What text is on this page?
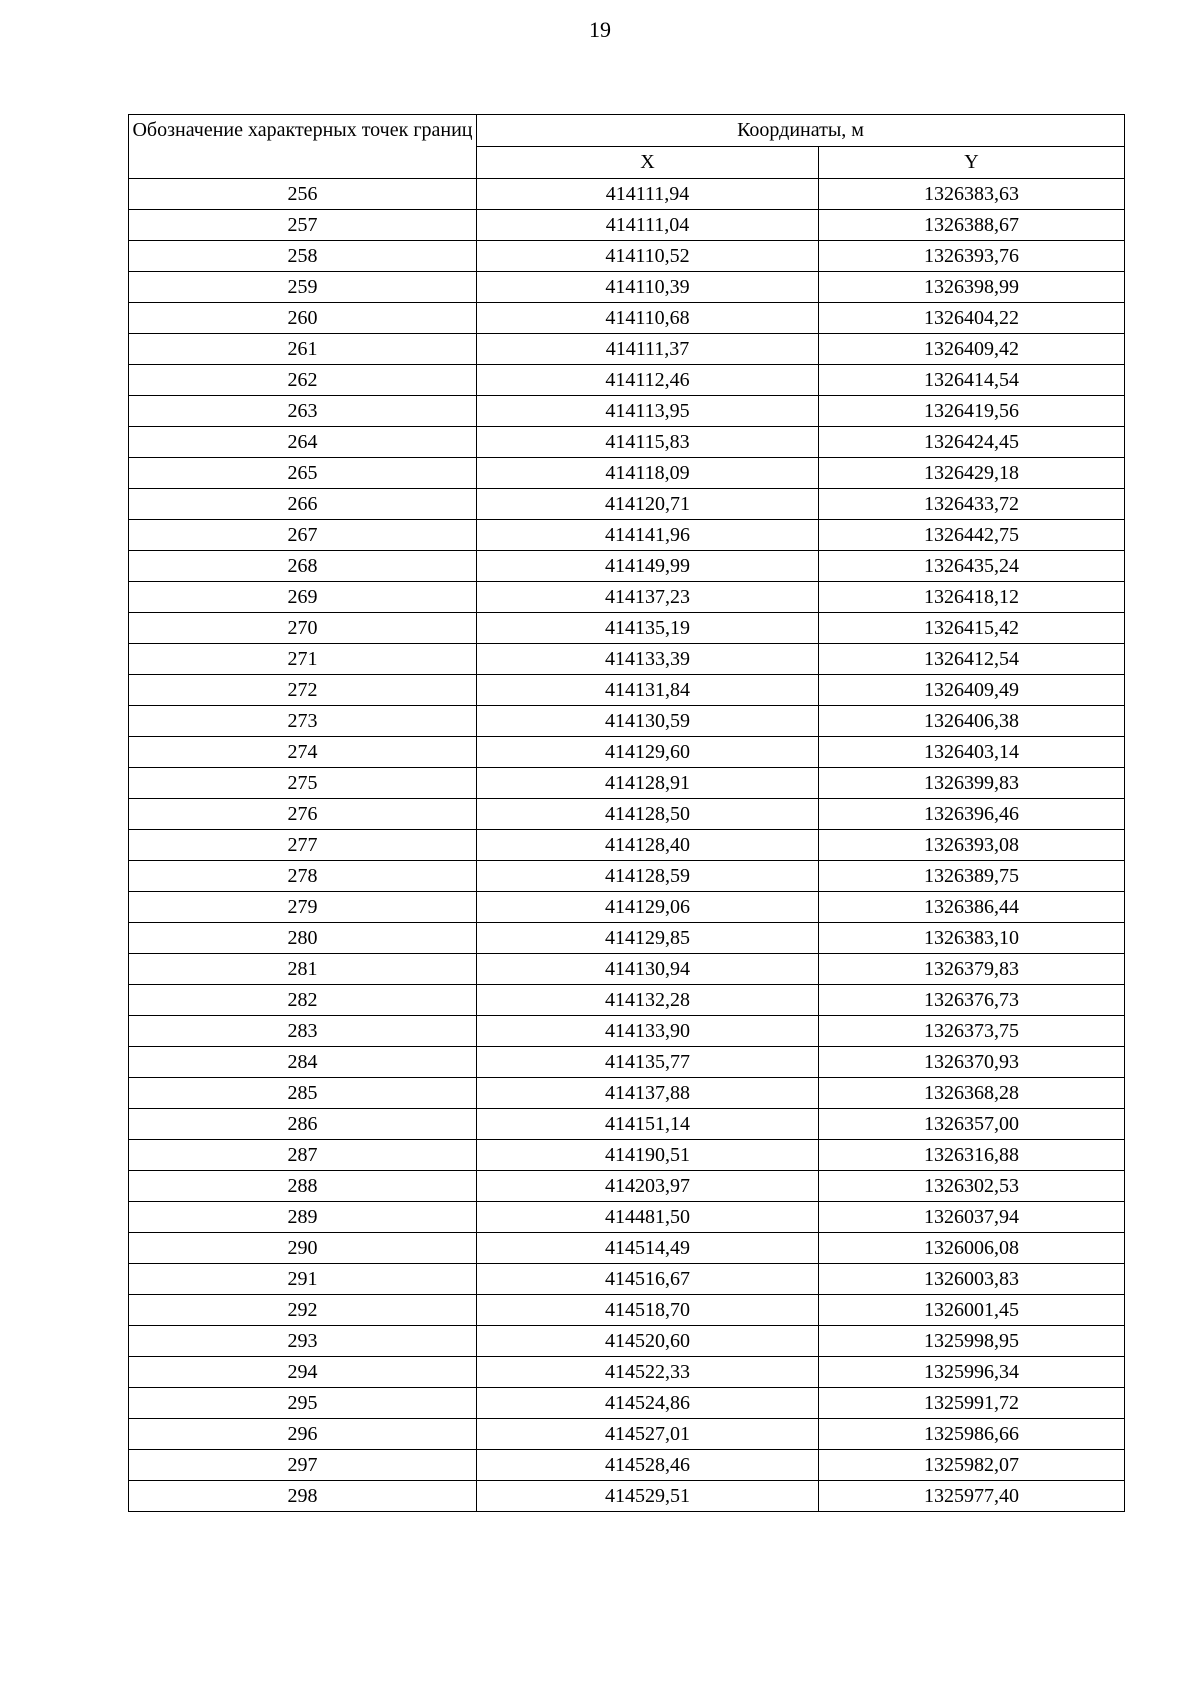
19
Обозначение характерных точек границ	Координаты, м	
	X	Y
256	414111,94	1326383,63
257	414111,04	1326388,67
258	414110,52	1326393,76
259	414110,39	1326398,99
260	414110,68	1326404,22
261	414111,37	1326409,42
262	414112,46	1326414,54
263	414113,95	1326419,56
264	414115,83	1326424,45
265	414118,09	1326429,18
266	414120,71	1326433,72
267	414141,96	1326442,75
268	414149,99	1326435,24
269	414137,23	1326418,12
270	414135,19	1326415,42
271	414133,39	1326412,54
272	414131,84	1326409,49
273	414130,59	1326406,38
274	414129,60	1326403,14
275	414128,91	1326399,83
276	414128,50	1326396,46
277	414128,40	1326393,08
278	414128,59	1326389,75
279	414129,06	1326386,44
280	414129,85	1326383,10
281	414130,94	1326379,83
282	414132,28	1326376,73
283	414133,90	1326373,75
284	414135,77	1326370,93
285	414137,88	1326368,28
286	414151,14	1326357,00
287	414190,51	1326316,88
288	414203,97	1326302,53
289	414481,50	1326037,94
290	414514,49	1326006,08
291	414516,67	1326003,83
292	414518,70	1326001,45
293	414520,60	1325998,95
294	414522,33	1325996,34
295	414524,86	1325991,72
296	414527,01	1325986,66
297	414528,46	1325982,07
298	414529,51	1325977,40
